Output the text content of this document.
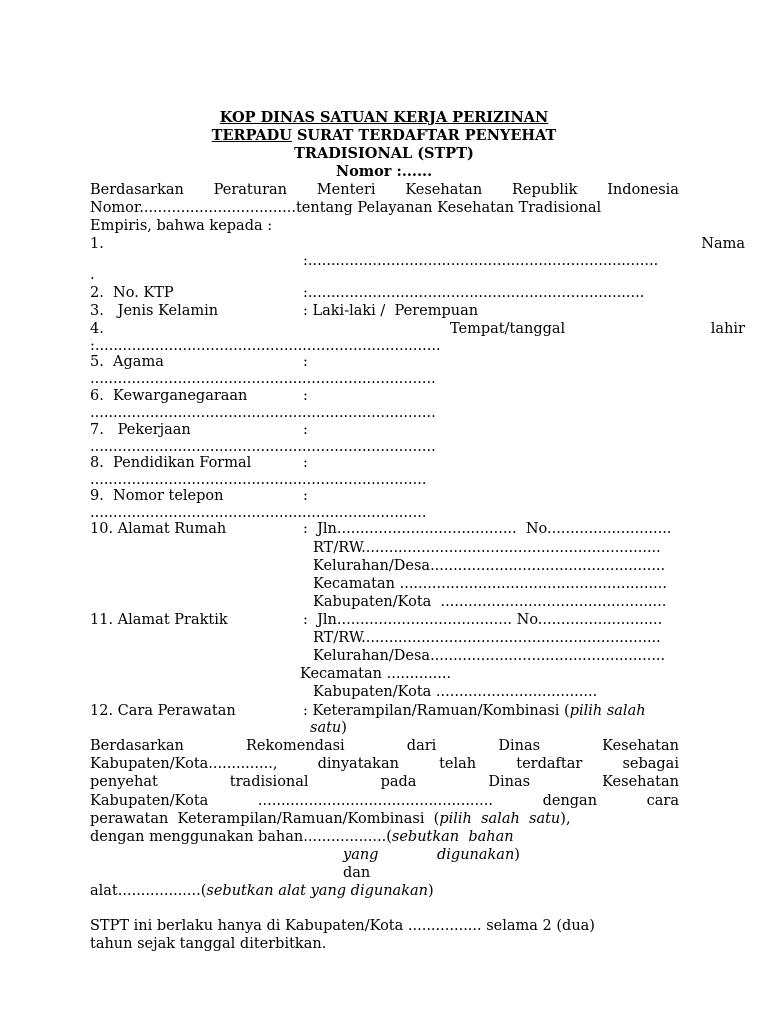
KOP DINAS SATUAN KERJA PERIZINAN
TERPADU SURAT TERDAFTAR PENYEHAT
TRADISIONAL (STPT)
Nomor :......
Berdasarkan Peraturan Menteri Kesehatan Republik Indonesia
Nomor..................................tentang Pelayanan Kesehatan Tradisional
Empiris, bahwa kepada :
1.	Nama
:............................................................................
.
2.  No. KTP	:.........................................................................
3.   Jenis Kelamin	: Laki-laki /  Perempuan
4.	Tempat/tanggal	lahir
:...........................................................................
5.  Agama	:
...........................................................................
6.  Kewarganegaraan	:
...........................................................................
7.   Pekerjaan	:
...........................................................................
8.  Pendidikan Formal	:
.........................................................................
9.  Nomor telepon	:
.........................................................................
10. Alamat Rumah	:  Jln.......................................  No...........................
RT/RW.................................................................
Kelurahan/Desa...................................................
Kecamatan ..........................................................
Kabupaten/Kota  .................................................
11. Alamat Praktik	:  Jln...................................... No...........................
RT/RW.................................................................
Kelurahan/Desa...................................................
Kecamatan ..............
Kabupaten/Kota ...................................
12. Cara Perawatan	: Keterampilan/Ramuan/Kombinasi (pilih salah
satu)
Berdasarkan	Rekomendasi	dari	Dinas	Kesehatan
Kabupaten/Kota..............,	dinyatakan	telah	terdaftar	sebagai
penyehat	tradisional	pada	Dinas	Kesehatan
Kabupaten/Kota	...................................................	dengan	cara
perawatan  Keterampilan/Ramuan/Kombinasi  (pilih  salah  satu),
dengan menggunakan bahan..................(sebutkan  bahan
yang	digunakan)
dan
alat..................(sebutkan alat yang digunakan)
STPT ini berlaku hanya di Kabupaten/Kota ................ selama 2 (dua)
tahun sejak tanggal diterbitkan.
